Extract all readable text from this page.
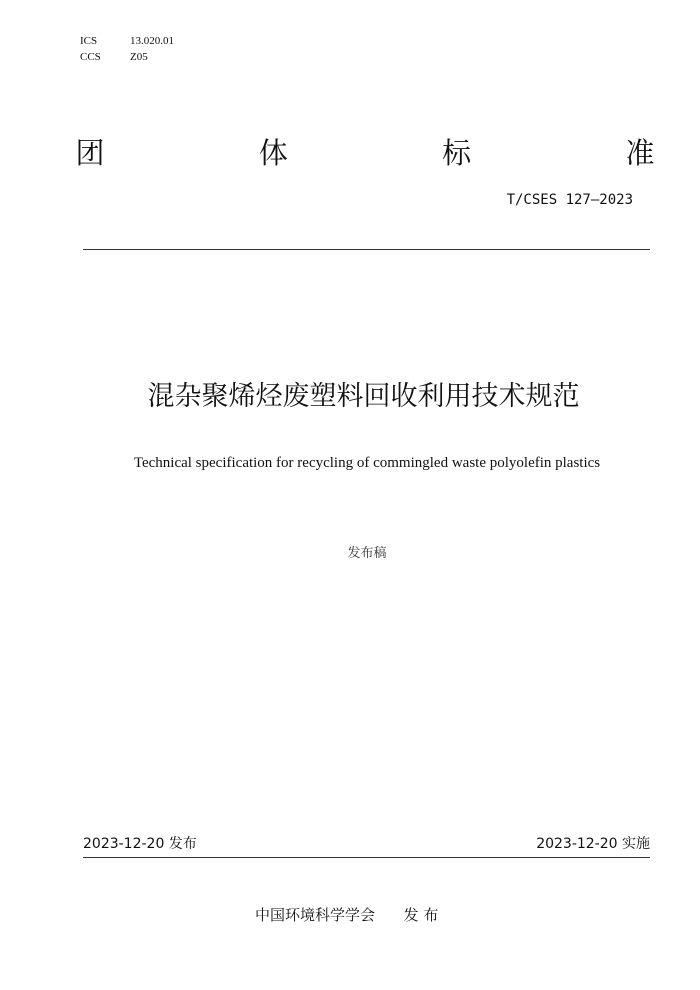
ICS	13.020.01
CCS	Z05
团	体	标	准
T/CSES 127—2023
混杂聚烯烃废塑料回收利用技术规范
Technical specification for recycling of commingled waste polyolefin plastics
发布稿
2023-12-20 发布	2023-12-20 实施
中国环境科学学会 发 布
